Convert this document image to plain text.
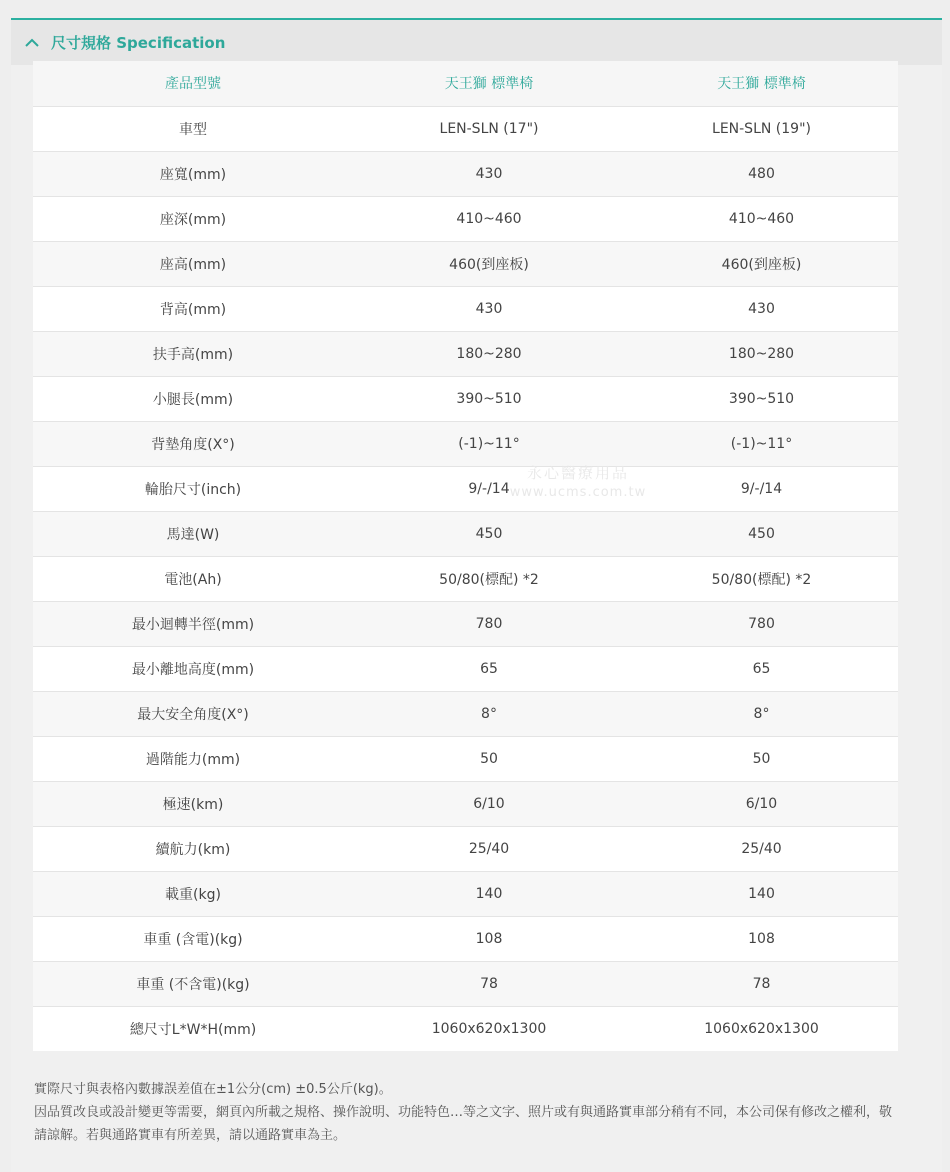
尺寸規格 Specification
產品型號	天王獅 標準椅	天王獅 標準椅
車型	LEN-SLN (17")	LEN-SLN (19")
座寬(mm)	430	480
座深(mm)	410~460	410~460
座高(mm)	460(到座板)	460(到座板)
背高(mm)	430	430
扶手高(mm)	180~280	180~280
小腿長(mm)	390~510	390~510
背墊角度(X°)	(-1)~11°	(-1)~11°
輪胎尺寸(inch)	9/-/14	9/-/14
馬達(W)	450	450
電池(Ah)	50/80(標配) *2	50/80(標配) *2
最小迴轉半徑(mm)	780	780
最小離地高度(mm)	65	65
最大安全角度(X°)	8°	8°
過階能力(mm)	50	50
極速(km)	6/10	6/10
續航力(km)	25/40	25/40
載重(kg)	140	140
車重 (含電)(kg)	108	108
車重 (不含電)(kg)	78	78
總尺寸L*W*H(mm)	1060x620x1300	1060x620x1300
永心醫療用品
www.ucms.com.tw
實際尺寸與表格內數據誤差值在±1公分(cm) ±0.5公斤(kg)。
因品質改良或設計變更等需要，網頁內所載之規格、操作說明、功能特色…等之文字、照片或有與通路實車部分稍有不同，本公司保有修改之權利，敬請諒解。若與通路實車有所差異，請以通路實車為主。
